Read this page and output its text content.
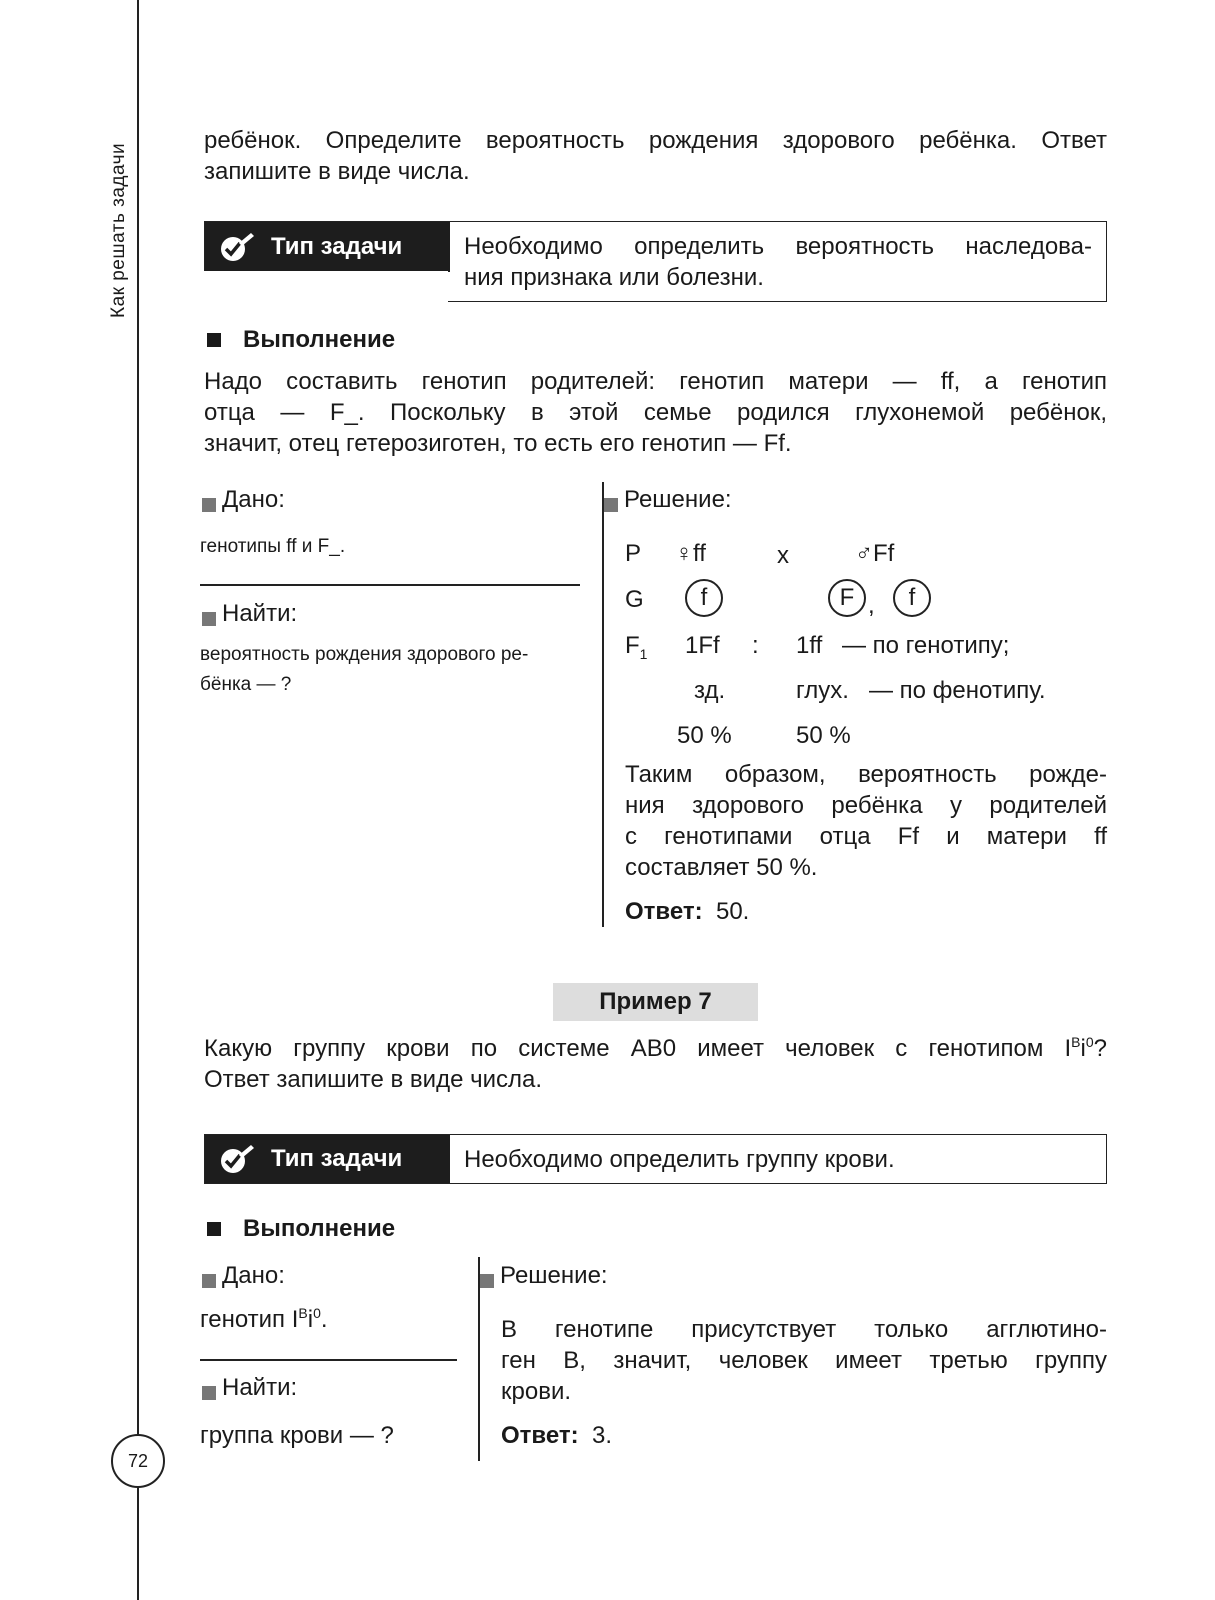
Как решать задачи
72
ребёнок. Определите вероятность рождения здорового ребёнка. Ответ
запишите в виде числа.
Тип задачи	Необходимо определить вероятность наследова-
ния признака или болезни.
Выполнение
Надо составить генотип родителей: генотип матери — ff, а генотип
отца — F_. Поскольку в этой семье родился глухонемой ребёнок,
значит, отец гетерозиготен, то есть его генотип — Ff.
Дано:
генотипы ff и F_.
Найти:
вероятность рождения здорового ре-
бёнка — ?
Решение:
P ♀ff	x	♂Ff
G	f	F ,	f
$F_1$ 1Ff : 1ff — по генотипу;
зд.	глух. — по фенотипу.
50 %	50 %
Таким образом, вероятность рожде-
ния здорового ребёнка у родителей
с генотипами отца Ff и матери ff
составляет 50 %.
Ответ: 50.
Пример 7
Какую группу крови по системе АВ0 имеет человек с генотипом $I^Bi^0$?
Ответ запишите в виде числа.
Тип задачи	Необходимо определить группу крови.
Выполнение
Дано:
генотип $I^Bi^0$.
Найти:
группа крови — ?
Решение:
В генотипе присутствует только агглютино-
ген В, значит, человек имеет третью группу
крови.
Ответ: 3.
